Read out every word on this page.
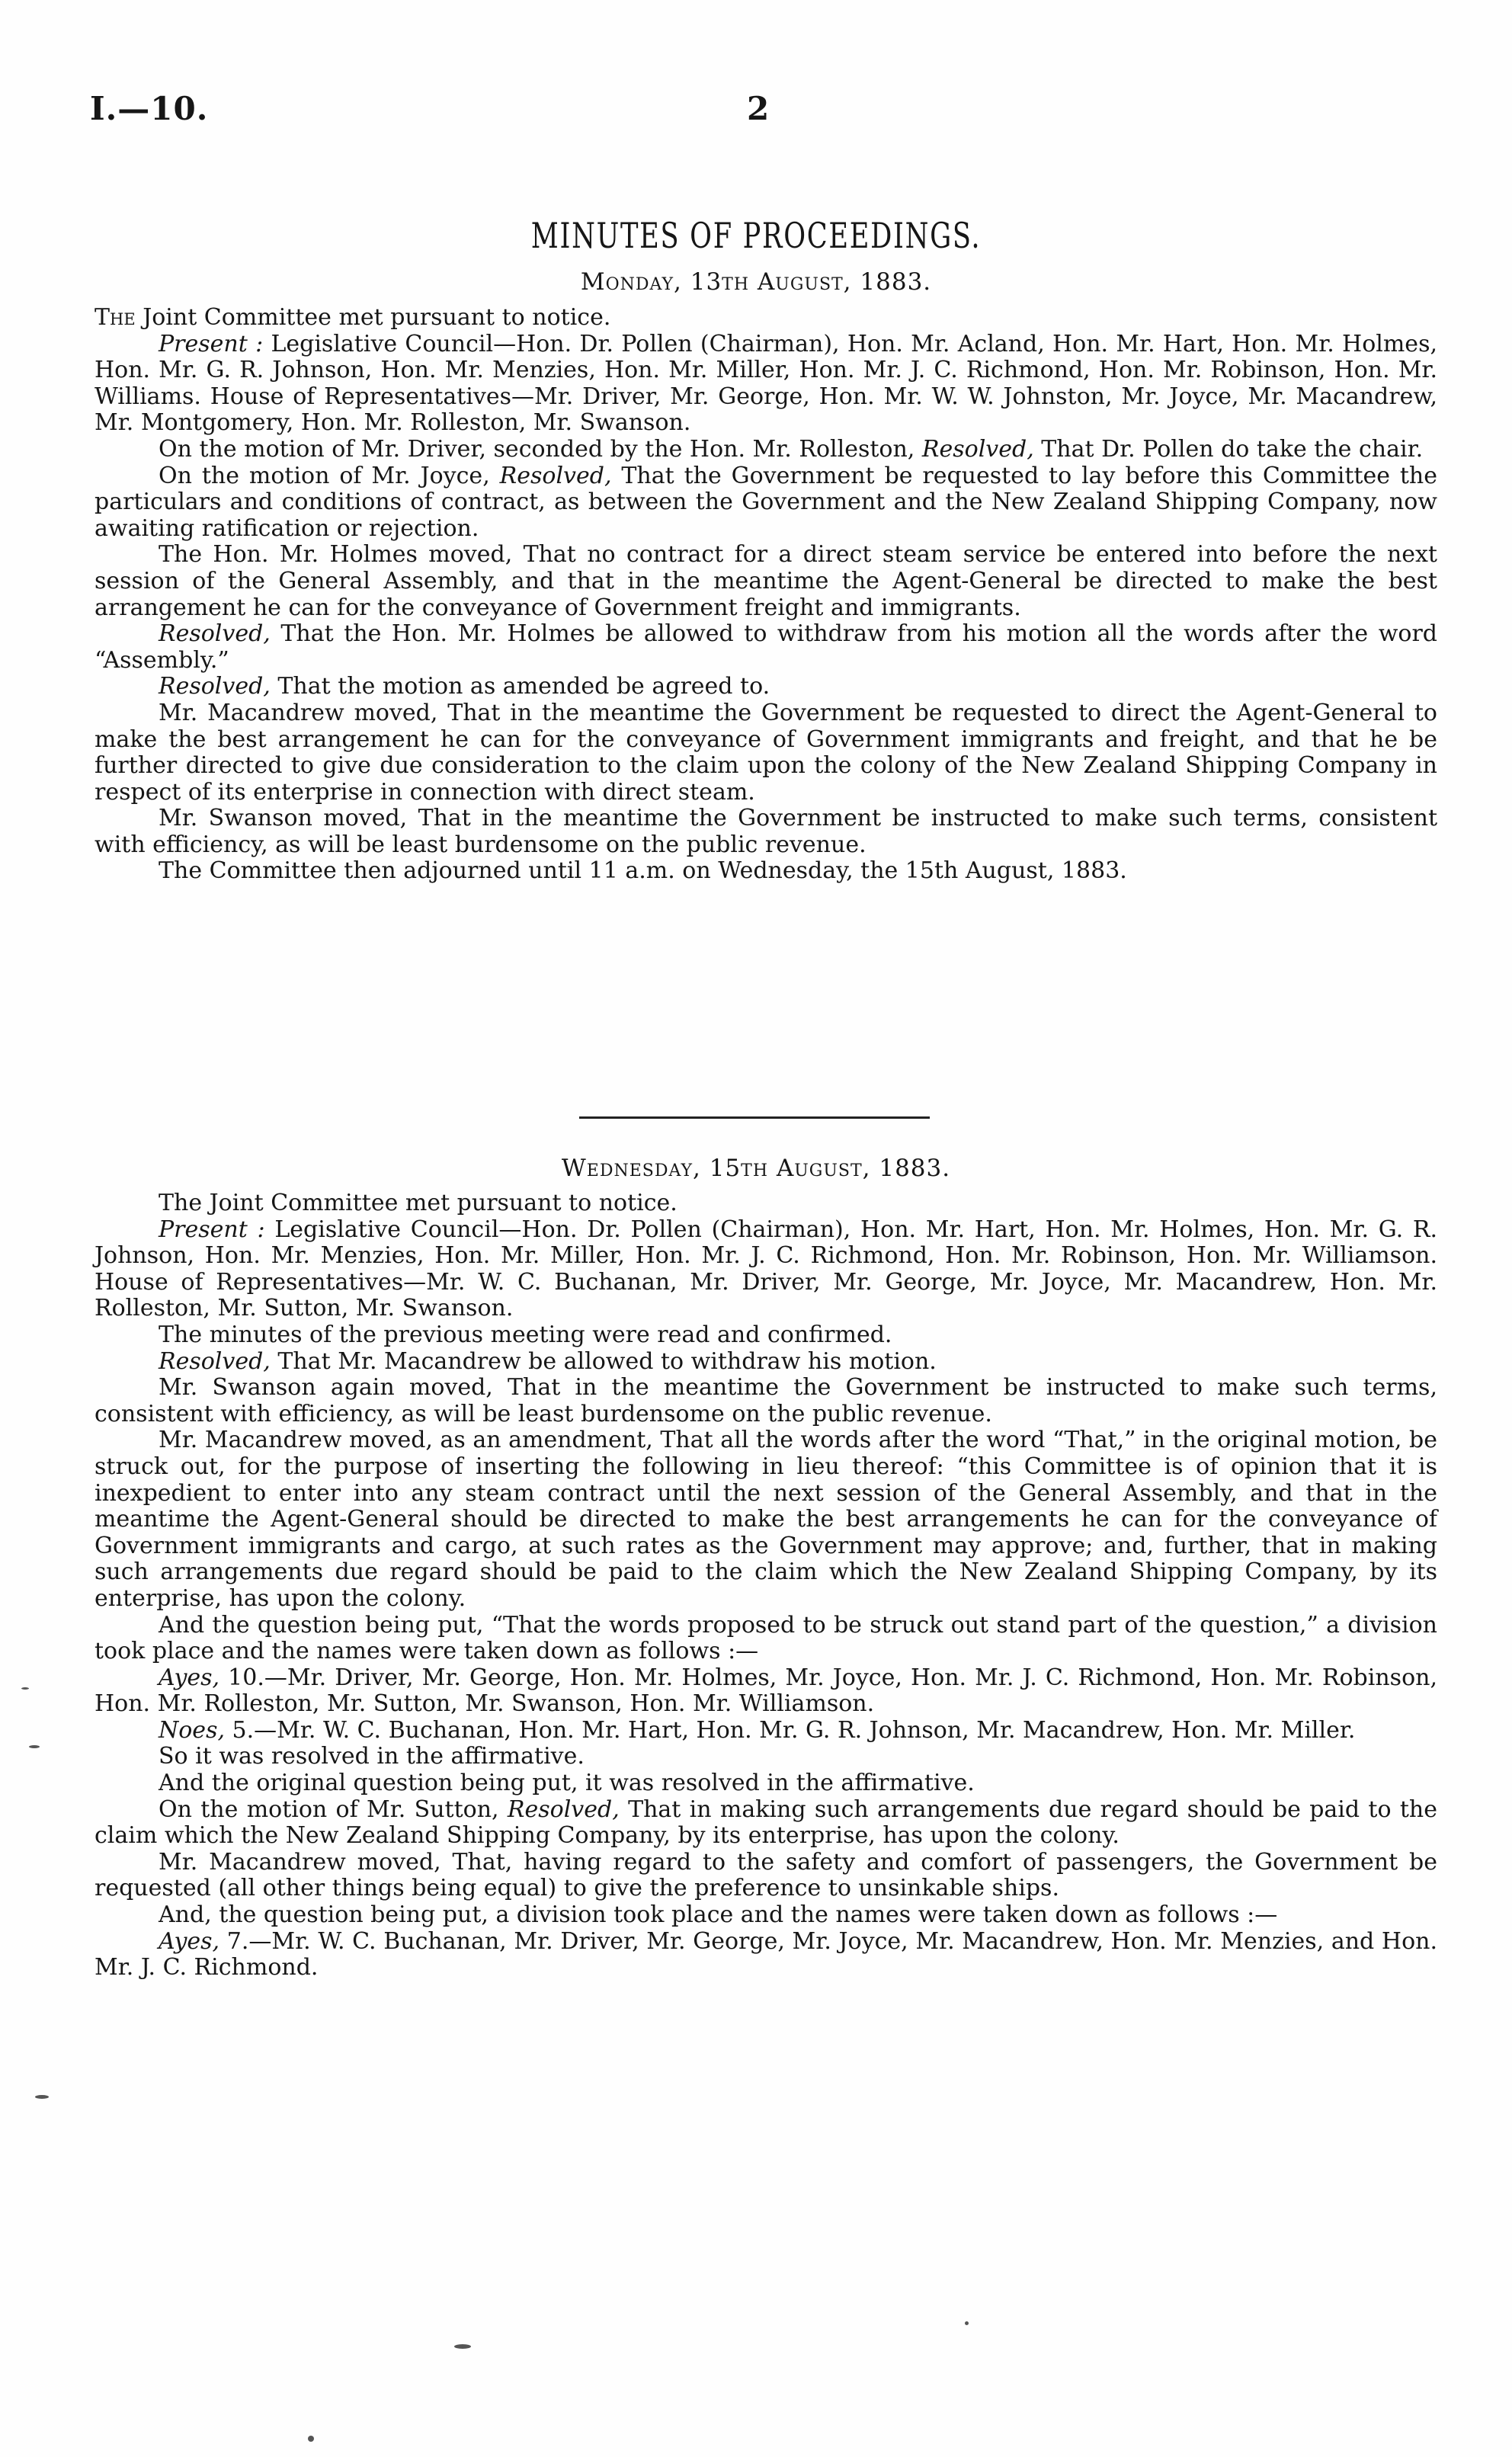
I.—10.	2
MINUTES OF PROCEEDINGS.
Monday, 13th August, 1883.

The Joint Committee met pursuant to notice.

Present : Legislative Council—Hon. Dr. Pollen (Chairman), Hon. Mr. Acland, Hon. Mr. Hart, Hon. Mr. Holmes, Hon. Mr. G. R. Johnson, Hon. Mr. Menzies, Hon. Mr. Miller, Hon. Mr. J. C. Richmond, Hon. Mr. Robinson, Hon. Mr. Williams. House of Representatives—Mr. Driver, Mr. George, Hon. Mr. W. W. Johnston, Mr. Joyce, Mr. Macandrew, Mr. Montgomery, Hon. Mr. Rolleston, Mr. Swanson.

On the motion of Mr. Driver, seconded by the Hon. Mr. Rolleston, Resolved, That Dr. Pollen do take the chair.

On the motion of Mr. Joyce, Resolved, That the Government be requested to lay before this Committee the particulars and conditions of contract, as between the Government and the New Zealand Shipping Company, now awaiting ratification or rejection.

The Hon. Mr. Holmes moved, That no contract for a direct steam service be entered into before the next session of the General Assembly, and that in the meantime the Agent-General be directed to make the best arrangement he can for the conveyance of Government freight and immigrants.

Resolved, That the Hon. Mr. Holmes be allowed to withdraw from his motion all the words after the word “Assembly.”

Resolved, That the motion as amended be agreed to.

Mr. Macandrew moved, That in the meantime the Government be requested to direct the Agent-General to make the best arrangement he can for the conveyance of Government immigrants and freight, and that he be further directed to give due consideration to the claim upon the colony of the New Zealand Shipping Company in respect of its enterprise in connection with direct steam.

Mr. Swanson moved, That in the meantime the Government be instructed to make such terms, consistent with efficiency, as will be least burdensome on the public revenue.

The Committee then adjourned until 11 a.m. on Wednesday, the 15th August, 1883.

Wednesday, 15th August, 1883.

The Joint Committee met pursuant to notice.

Present : Legislative Council—Hon. Dr. Pollen (Chairman), Hon. Mr. Hart, Hon. Mr. Holmes, Hon. Mr. G. R. Johnson, Hon. Mr. Menzies, Hon. Mr. Miller, Hon. Mr. J. C. Richmond, Hon. Mr. Robinson, Hon. Mr. Williamson. House of Representatives—Mr. W. C. Buchanan, Mr. Driver, Mr. George, Mr. Joyce, Mr. Macandrew, Hon. Mr. Rolleston, Mr. Sutton, Mr. Swanson.

The minutes of the previous meeting were read and confirmed.

Resolved, That Mr. Macandrew be allowed to withdraw his motion.

Mr. Swanson again moved, That in the meantime the Government be instructed to make such terms, consistent with efficiency, as will be least burdensome on the public revenue.

Mr. Macandrew moved, as an amendment, That all the words after the word “That,” in the original motion, be struck out, for the purpose of inserting the following in lieu thereof: “this Committee is of opinion that it is inexpedient to enter into any steam contract until the next session of the General Assembly, and that in the meantime the Agent-General should be directed to make the best arrangements he can for the conveyance of Government immigrants and cargo, at such rates as the Government may approve; and, further, that in making such arrangements due regard should be paid to the claim which the New Zealand Shipping Company, by its enterprise, has upon the colony.

And the question being put, “That the words proposed to be struck out stand part of the question,” a division took place and the names were taken down as follows :—

Ayes, 10.—Mr. Driver, Mr. George, Hon. Mr. Holmes, Mr. Joyce, Hon. Mr. J. C. Richmond, Hon. Mr. Robinson, Hon. Mr. Rolleston, Mr. Sutton, Mr. Swanson, Hon. Mr. Williamson.

Noes, 5.—Mr. W. C. Buchanan, Hon. Mr. Hart, Hon. Mr. G. R. Johnson, Mr. Macandrew, Hon. Mr. Miller.

So it was resolved in the affirmative.

And the original question being put, it was resolved in the affirmative.

On the motion of Mr. Sutton, Resolved, That in making such arrangements due regard should be paid to the claim which the New Zealand Shipping Company, by its enterprise, has upon the colony.

Mr. Macandrew moved, That, having regard to the safety and comfort of passengers, the Government be requested (all other things being equal) to give the preference to unsinkable ships.

And, the question being put, a division took place and the names were taken down as follows :—

Ayes, 7.—Mr. W. C. Buchanan, Mr. Driver, Mr. George, Mr. Joyce, Mr. Macandrew, Hon. Mr. Menzies, and Hon. Mr. J. C. Richmond.
